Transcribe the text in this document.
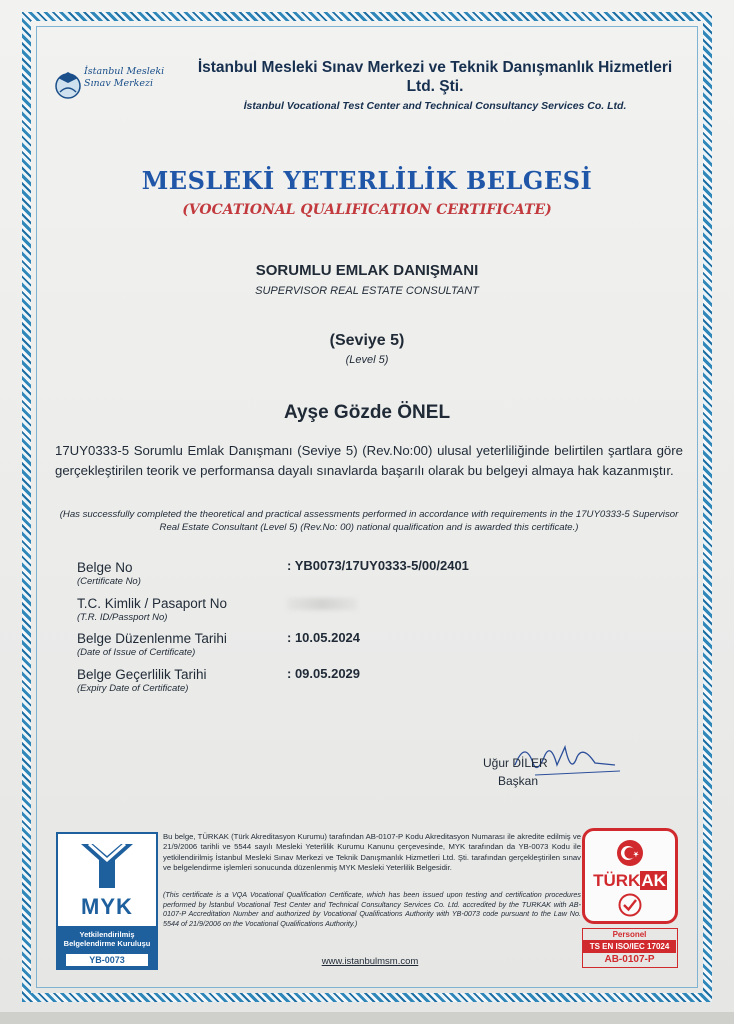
İstanbul Mesleki
Sınav Merkezi
İstanbul Mesleki Sınav Merkezi ve Teknik Danışmanlık Hizmetleri Ltd. Şti.
İstanbul Vocational Test Center and Technical Consultancy Services Co. Ltd.
MESLEKİ YETERLİLİK BELGESİ
(VOCATIONAL QUALIFICATION CERTIFICATE)
SORUMLU EMLAK DANIŞMANI
SUPERVISOR REAL ESTATE CONSULTANT
(Seviye 5)
(Level 5)
Ayşe Gözde ÖNEL
17UY0333-5 Sorumlu Emlak Danışmanı (Seviye 5) (Rev.No:00) ulusal yeterliliğinde belirtilen şartlara göre gerçekleştirilen teorik ve performansa dayalı sınavlarda başarılı olarak bu belgeyi almaya hak kazanmıştır.
(Has successfully completed the theoretical and practical assessments performed in accordance with requirements in the 17UY0333-5 Supervisor Real Estate Consultant (Level 5) (Rev.No: 00) national qualification and is awarded this certificate.)
Belge No
(Certificate No)
: YB0073/17UY0333-5/00/2401
T.C. Kimlik / Pasaport No
(T.R. ID/Passport No)
Belge Düzenlenme Tarihi
(Date of Issue of Certificate)
: 10.05.2024
Belge Geçerlilik Tarihi
(Expiry Date of Certificate)
: 09.05.2029
Uğur DİLER
Başkan
MYK
Yetkilendirilmiş
Belgelendirme Kuruluşu
YB-0073
Bu belge, TÜRKAK (Türk Akreditasyon Kurumu) tarafından AB-0107-P Kodu Akreditasyon Numarası ile akredite edilmiş ve 21/9/2006 tarihli ve 5544 sayılı Mesleki Yeterlilik Kurumu Kanunu çerçevesinde, MYK tarafından da YB-0073 Kodu ile yetkilendirilmiş İstanbul Mesleki Sınav Merkezi ve Teknik Danışmanlık Hizmetleri Ltd. Şti. tarafından gerçekleştirilen sınav ve belgelendirme işlemleri sonucunda düzenlenmiş MYK Mesleki Yeterlilik Belgesidir.
(This certificate is a VQA Vocational Qualification Certificate, which has been issued upon testing and certification procedures performed by İstanbul Vocational Test Center and Technical Consultancy Services Co. Ltd. accredited by the TURKAK with AB-0107-P Accreditation Number and authorized by Vocational Qualifications Authority with YB-0073 code pursuant to the Law No. 5544 of 21/9/2006 on the Vocational Qualifications Authority.)
www.istanbulmsm.com
TÜRKAK
Personel
TS EN ISO/IEC 17024
AB-0107-P
